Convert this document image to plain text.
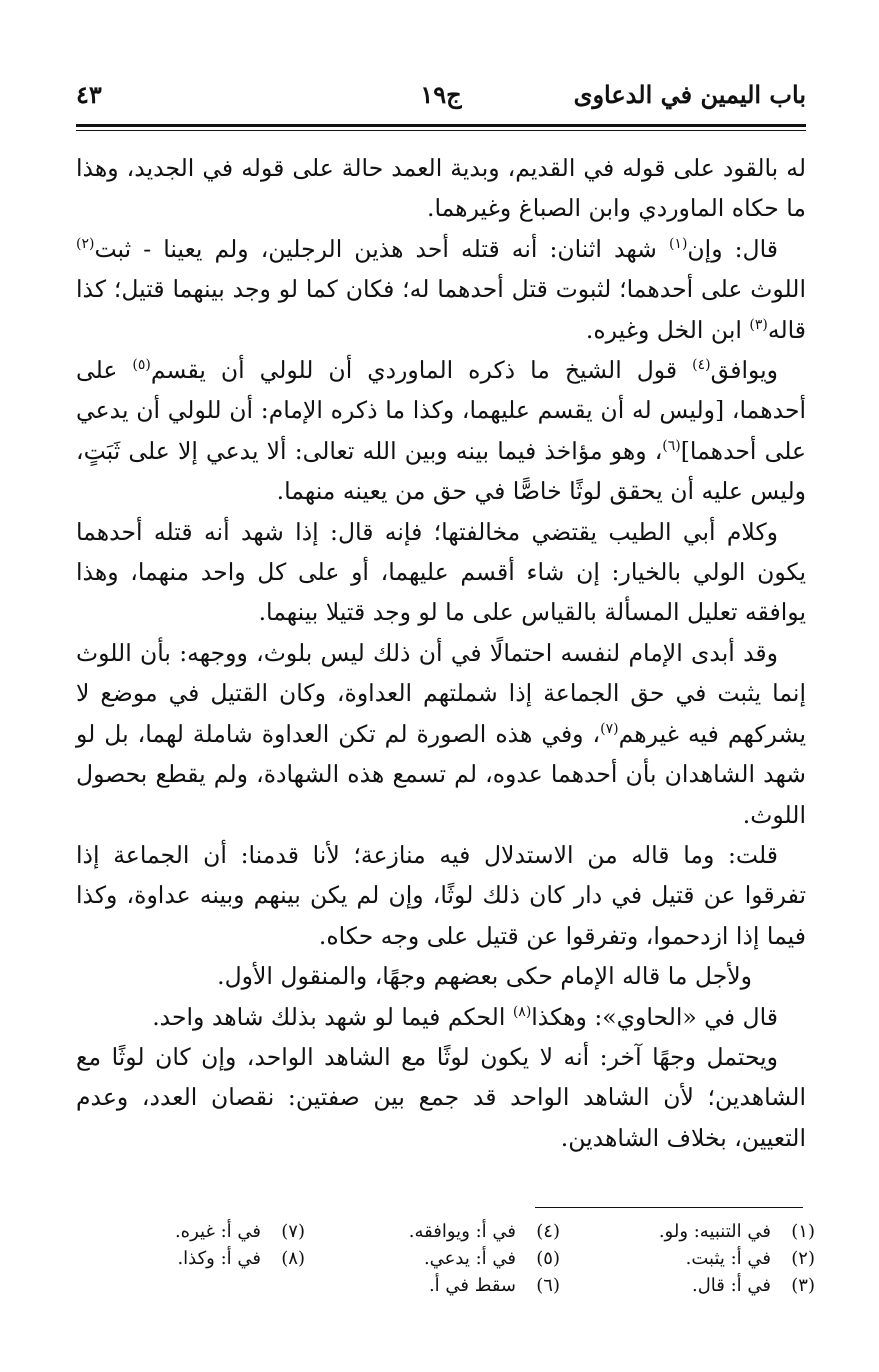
باب اليمين في الدعاوى
ج١٩
٤٣

له بالقود على قوله في القديم، وبدية العمد حالة على قوله في الجديد، وهذا ما حكاه الماوردي وابن الصباغ وغيرهما.

قال: وإن$^{(١)}$ شهد اثنان: أنه قتله أحد هذين الرجلين، ولم يعينا - ثبت$^{(٢)}$ اللوث على أحدهما؛ لثبوت قتل أحدهما له؛ فكان كما لو وجد بينهما قتيل؛ كذا قاله$^{(٣)}$ ابن الخل وغيره.

ويوافق$^{(٤)}$ قول الشيخ ما ذكره الماوردي أن للولي أن يقسم$^{(٥)}$ على أحدهما، [وليس له أن يقسم عليهما، وكذا ما ذكره الإمام: أن للولي أن يدعي على أحدهما]$^{(٦)}$، وهو مؤاخذ فيما بينه وبين الله تعالى: ألا يدعي إلا على ثَبَتٍ، وليس عليه أن يحقق لوثًا خاصًّا في حق من يعينه منهما.

وكلام أبي الطيب يقتضي مخالفتها؛ فإنه قال: إذا شهد أنه قتله أحدهما يكون الولي بالخيار: إن شاء أقسم عليهما، أو على كل واحد منهما، وهذا يوافقه تعليل المسألة بالقياس على ما لو وجد قتيلا بينهما.

وقد أبدى الإمام لنفسه احتمالًا في أن ذلك ليس بلوث، ووجهه: بأن اللوث إنما يثبت في حق الجماعة إذا شملتهم العداوة، وكان القتيل في موضع لا يشركهم فيه غيرهم$^{(٧)}$، وفي هذه الصورة لم تكن العداوة شاملة لهما، بل لو شهد الشاهدان بأن أحدهما عدوه، لم تسمع هذه الشهادة، ولم يقطع بحصول اللوث.

قلت: وما قاله من الاستدلال فيه منازعة؛ لأنا قدمنا: أن الجماعة إذا تفرقوا عن قتيل في دار كان ذلك لوثًا، وإن لم يكن بينهم وبينه عداوة، وكذا فيما إذا ازدحموا، وتفرقوا عن قتيل على وجه حكاه.

ولأجل ما قاله الإمام حكى بعضهم وجهًا، والمنقول الأول.

قال في «الحاوي»: وهكذا$^{(٨)}$ الحكم فيما لو شهد بذلك شاهد واحد.

ويحتمل وجهًا آخر: أنه لا يكون لوثًا مع الشاهد الواحد، وإن كان لوثًا مع الشاهدين؛ لأن الشاهد الواحد قد جمع بين صفتين: نقصان العدد، وعدم التعيين، بخلاف الشاهدين.

(١)في التنبيه: ولو.
(٢)في أ: يثبت.
(٣)في أ: قال.
(٤)في أ: ويوافقه.
(٥)في أ: يدعي.
(٦)سقط في أ.
(٧)في أ: غيره.
(٨)في أ: وكذا.
